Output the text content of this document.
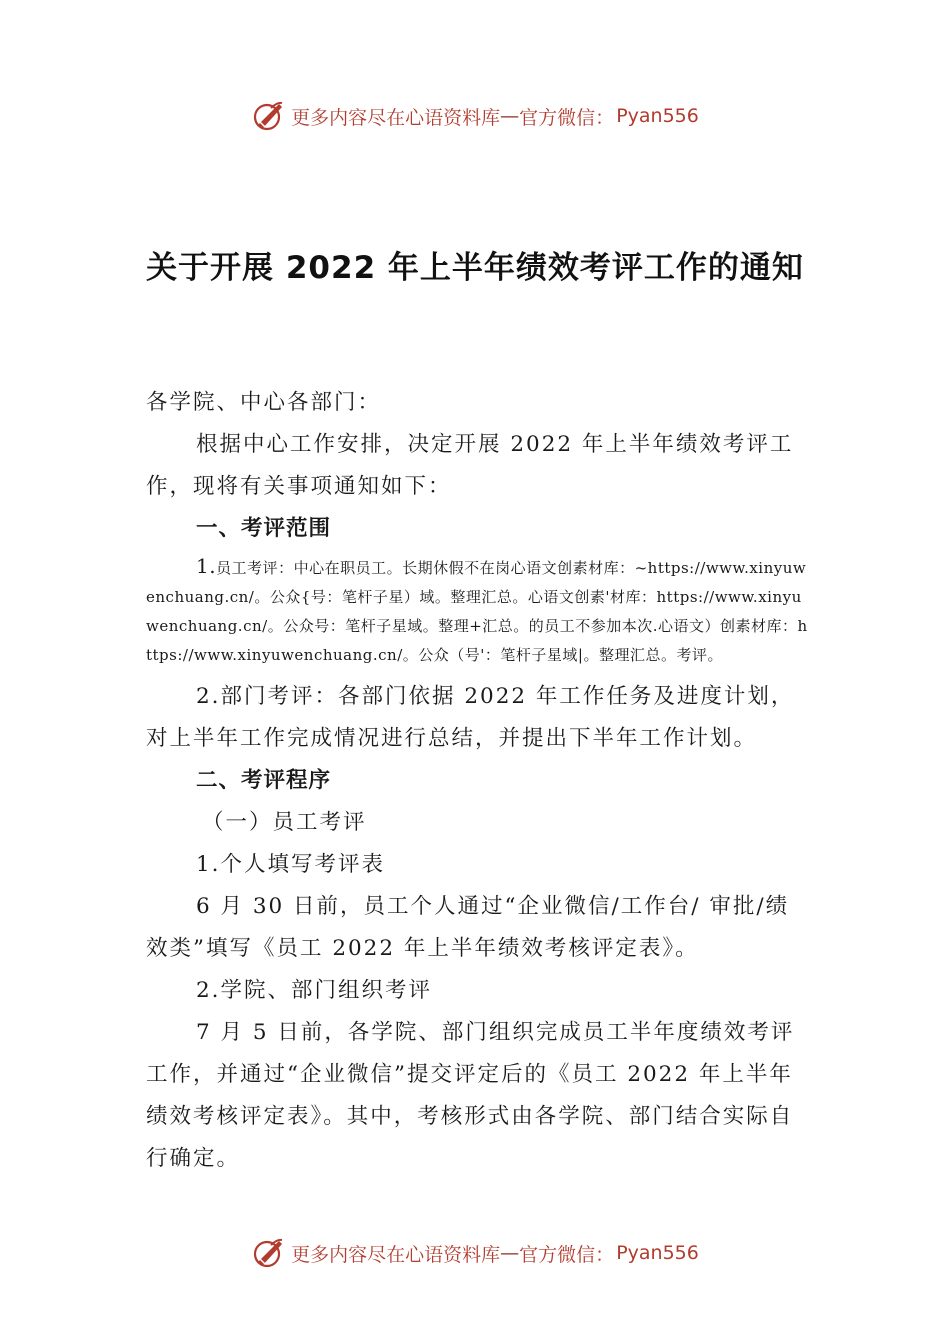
更多内容尽在心语资料库 — 官方微信： Pyan556
关于开展 2022 年上半年绩效考评工作的通知

各学院、中心各部门：

根据中心工作安排，决定开展 2022 年上半年绩效考评工作，现将有关事项通知如下：

一、考评范围

1.员工考评：中心在职员工。长期休假不在岗心语文创素材库：~https://www.xinyuwenchuang.cn/。公众{号：笔杆子星）域。整理汇总。心语文创素'材库：https://www.xinyuwenchuang.cn/。公众号：笔杆子星域。整理+汇总。的员工不参加本次.心语文）创素材库：https://www.xinyuwenchuang.cn/。公众（号'：笔杆子星域|。整理汇总。考评。

2.部门考评：各部门依据 2022 年工作任务及进度计划，对上半年工作完成情况进行总结，并提出下半年工作计划。

二、考评程序

（一）员工考评

1.个人填写考评表

6 月 30 日前，员工个人通过“企业微信/工作台/ 审批/绩效类”填写《员工 2022 年上半年绩效考核评定表》。

2.学院、部门组织考评

7 月 5 日前，各学院、部门组织完成员工半年度绩效考评工作，并通过“企业微信”提交评定后的《员工 2022 年上半年绩效考核评定表》。其中，考核形式由各学院、部门结合实际自行确定。

更多内容尽在心语资料库 — 官方微信： Pyan556
